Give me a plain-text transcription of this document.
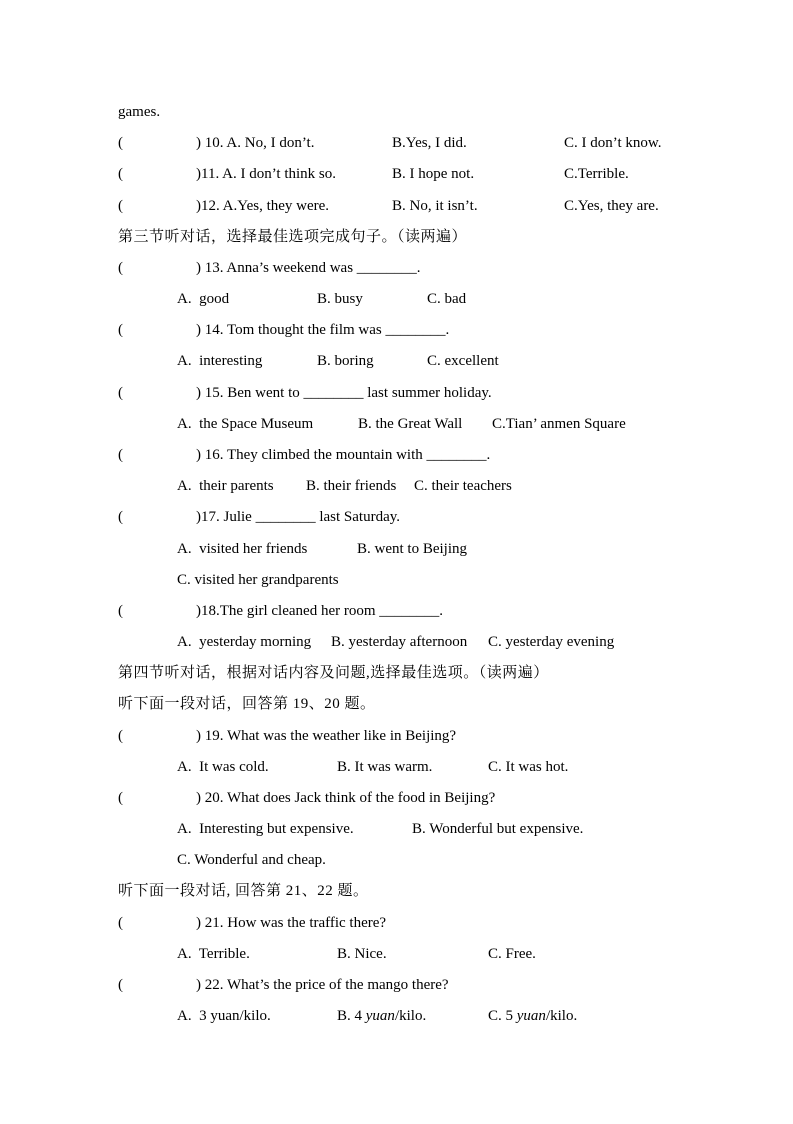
games.

(

	) 10. A. No, I don’t.

	B.Yes, I did.

	C. I don’t know.

(

	)11. A. I don’t think so.

	B. I hope not.

	C.Terrible.

(

	)12. A.Yes, they were.

	B. No, it isn’t.

	C.Yes, they are.

第三节听对话，选择最佳选项完成句子。（读两遍）

(

	) 13. Anna’s weekend was ________.

A.  good

	B. busy

	C. bad

(

	) 14. Tom thought the film was ________.

A.  interesting

	B. boring

	C. excellent

(

	) 15. Ben went to ________ last summer holiday.

A.  the Space Museum

	B. the Great Wall

C.Tian’ anmen Square

(

	) 16. They climbed the mountain with ________.

A.  their parents

B. their friends

C. their teachers

(

	)17. Julie ________ last Saturday.

A.  visited her friends

	B. went to Beijing

C. visited her grandparents

(

	)18.The girl cleaned her room ________.

A.  yesterday morning

B. yesterday afternoon

C. yesterday evening

第四节听对话，根据对话内容及问题,选择最佳选项。（读两遍）

听下面一段对话，回答第 19、20 题。

(

	) 19. What was the weather like in Beijing?

A.  It was cold.

	B. It was warm.

	C. It was hot.

(

	) 20. What does Jack think of the food in Beijing?

A.  Interesting but expensive.

	B. Wonderful but expensive.

C. Wonderful and cheap.

听下面一段对话, 回答第 21、22 题。

(

	) 21. How was the traffic there?

A.  Terrible.

	B. Nice.

	C. Free.

(

	) 22. What’s the price of the mango there?

A.  3 yuan/kilo.

	B. 4 yuan/kilo.

	C. 5 yuan/kilo.
